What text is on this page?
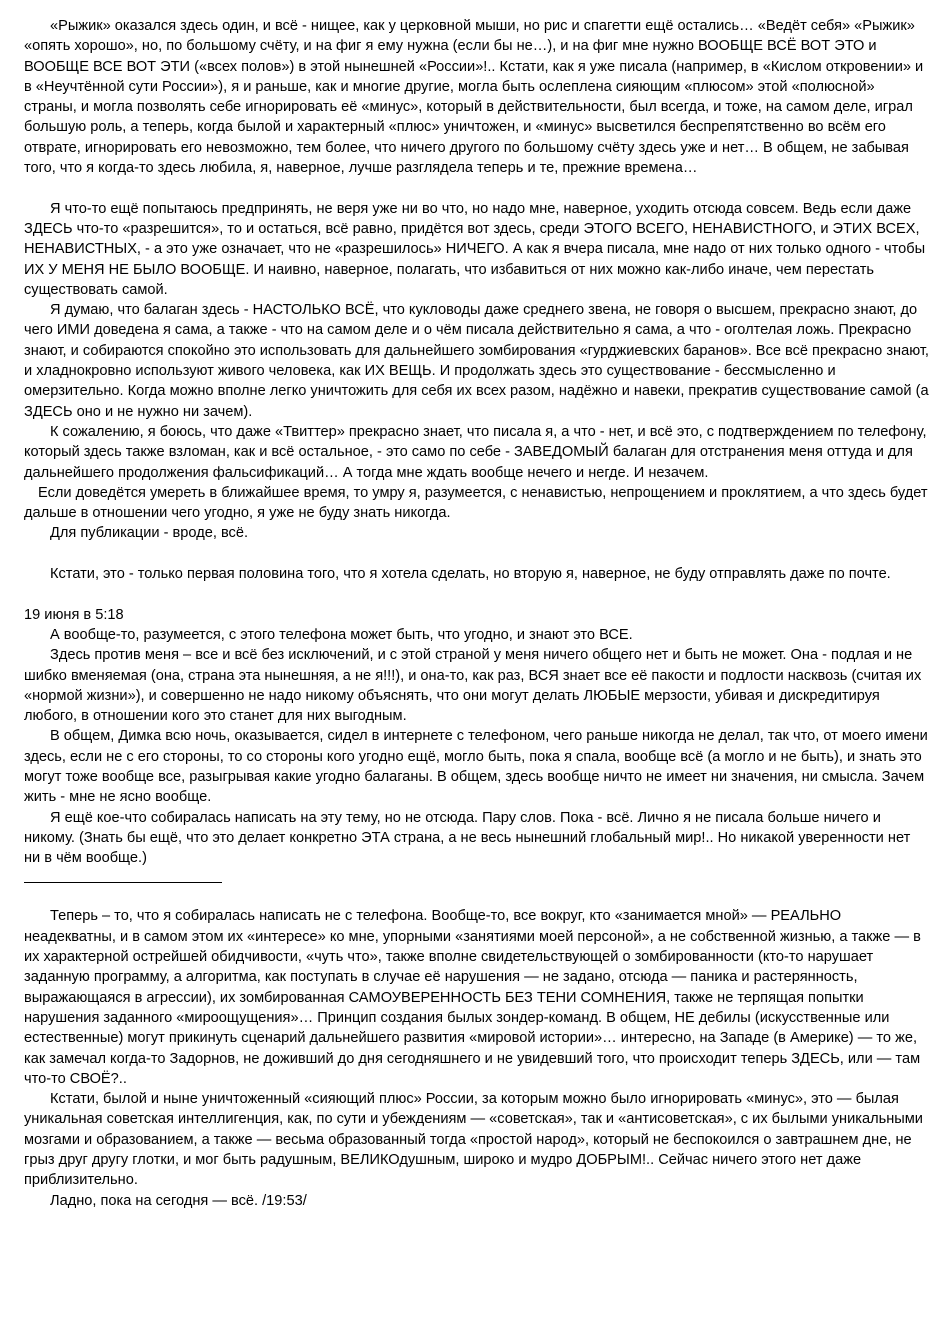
«Рыжик» оказался здесь один, и всё - нищее, как у церковной мыши, но рис и спагетти ещё остались… «Ведёт себя» «Рыжик» «опять хорошо», но, по большому счёту, и на фиг я ему нужна (если бы не…), и на фиг мне нужно ВООБЩЕ ВСЁ ВОТ ЭТО и ВООБЩЕ ВСЕ ВОТ ЭТИ («всех полов») в этой нынешней «России»!.. Кстати, как я уже писала (например, в «Кислом откровении» и в «Неучтённой сути России»), я и раньше, как и многие другие, могла быть ослеплена сияющим «плюсом» этой «полюсной» страны, и могла позволять себе игнорировать её «минус», который в действительности, был всегда, и тоже, на самом деле, играл большую роль, а теперь, когда былой и характерный «плюс» уничтожен, и «минус» высветился беспрепятственно во всём его отврате, игнорировать его невозможно, тем более, что ничего другого по большому счёту здесь уже и нет… В общем, не забывая того, что я когда-то здесь любила, я, наверное, лучше разглядела теперь и те, прежние времена…

Я что-то ещё попытаюсь предпринять, не веря уже ни во что, но надо мне, наверное, уходить отсюда совсем. Ведь если даже ЗДЕСЬ что-то «разрешится», то и остаться, всё равно, придётся вот здесь, среди ЭТОГО ВСЕГО, НЕНАВИСТНОГО, и ЭТИХ ВСЕХ, НЕНАВИСТНЫХ, - а это уже означает, что не «разрешилось» НИЧЕГО. А как я вчера писала, мне надо от них только одного - чтобы ИХ У МЕНЯ НЕ БЫЛО ВООБЩЕ. И наивно, наверное, полагать, что избавиться от них можно как-либо иначе, чем перестать существовать самой.

Я думаю, что балаган здесь - НАСТОЛЬКО ВСЁ, что кукловоды даже среднего звена, не говоря о высшем, прекрасно знают, до чего ИМИ доведена я сама, а также - что на самом деле и о чём писала действительно я сама, а что - оголтелая ложь. Прекрасно знают, и собираются спокойно это использовать для дальнейшего зомбирования «гурджиевских баранов». Все всё прекрасно знают, и хладнокровно используют живого человека, как ИХ ВЕЩЬ. И продолжать здесь это существование - бессмысленно и омерзительно. Когда можно вполне легко уничтожить для себя их всех разом, надёжно и навеки, прекратив существование самой (а ЗДЕСЬ оно и не нужно ни зачем).

К сожалению, я боюсь, что даже «Твиттер» прекрасно знает, что писала я, а что - нет, и всё это, с подтверждением по телефону, который здесь также взломан, как и всё остальное, - это само по себе - ЗАВЕДОМЫЙ балаган для отстранения меня оттуда и для дальнейшего продолжения фальсификаций… А тогда мне ждать вообще нечего и негде. И незачем.

Если доведётся умереть в ближайшее время, то умру я, разумеется, с ненавистью, непрощением и проклятием, а что здесь будет дальше в отношении чего угодно, я уже не буду знать никогда.

Для публикации - вроде, всё.

Кстати, это - только первая половина того, что я хотела сделать, но вторую я, наверное, не буду отправлять даже по почте.

19 июня в 5:18

А вообще-то, разумеется, с этого телефона может быть, что угодно, и знают это ВСЕ.

Здесь против меня – все и всё без исключений, и с этой страной у меня ничего общего нет и быть не может. Она - подлая и не шибко вменяемая (она, страна эта нынешняя, а не я!!!), и она-то, как раз, ВСЯ знает все её пакости и подлости насквозь (считая их «нормой жизни»), и совершенно не надо никому объяснять, что они могут делать ЛЮБЫЕ мерзости, убивая и дискредитируя любого, в отношении кого это станет для них выгодным.

В общем, Димка всю ночь, оказывается, сидел в интернете с телефоном, чего раньше никогда не делал, так что, от моего имени здесь, если не с его стороны, то со стороны кого угодно ещё, могло быть, пока я спала, вообще всё (а могло и не быть), и знать это могут тоже вообще все, разыгрывая какие угодно балаганы. В общем, здесь вообще ничто не имеет ни значения, ни смысла. Зачем жить - мне не ясно вообще.

Я ещё кое-что собиралась написать на эту тему, но не отсюда. Пару слов. Пока - всё. Лично я не писала больше ничего и никому. (Знать бы ещё, что это делает конкретно ЭТА страна, а не весь нынешний глобальный мир!.. Но никакой уверенности нет ни в чём вообще.)

Теперь – то, что я собиралась написать не с телефона. Вообще-то, все вокруг, кто «занимается мной» — РЕАЛЬНО неадекватны, и в самом этом их «интересе» ко мне, упорными «занятиями моей персоной», а не собственной жизнью, а также — в их характерной острейшей обидчивости, «чуть что», также вполне свидетельствующей о зомбированности (кто-то нарушает заданную программу, а алгоритма, как поступать в случае её нарушения — не задано, отсюда — паника и растерянность, выражающаяся в агрессии), их зомбированная САМОУВЕРЕННОСТЬ БЕЗ ТЕНИ СОМНЕНИЯ, также не терпящая попытки нарушения заданного «мироощущения»… Принцип создания былых зондер-команд. В общем, НЕ дебилы (искусственные или естественные) могут прикинуть сценарий дальнейшего развития «мировой истории»… интересно, на Западе (в Америке) — то же, как замечал когда-то Задорнов, не доживший до дня сегодняшнего и не увидевший того, что происходит теперь ЗДЕСЬ, или — там что-то СВОЁ?..

Кстати, былой и ныне уничтоженный «сияющий плюс» России, за которым можно было игнорировать «минус», это — былая уникальная советская интеллигенция, как, по сути и убеждениям — «советская», так и «антисоветская», с их былыми уникальными мозгами и образованием, а также — весьма образованный тогда «простой народ», который не беспокоился о завтрашнем дне, не грыз друг другу глотки, и мог быть радушным, ВЕЛИКОдушным, широко и мудро ДОБРЫМ!.. Сейчас ничего этого нет даже приблизительно.

Ладно, пока на сегодня — всё. /19:53/
